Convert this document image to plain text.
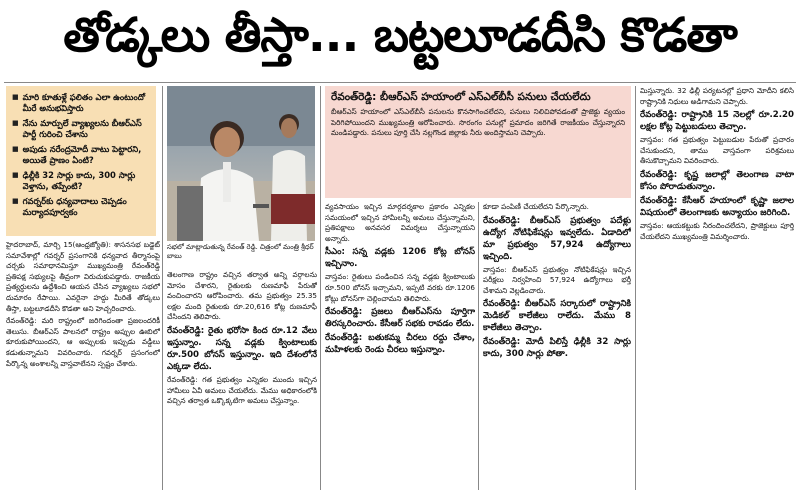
తోడ్కలు తీస్తా... బట్టలూడదీసి కొడతా
■ మారి కూతుళ్లే ఫలితం ఎలా ఉంటుందో మీరే అనుభవిస్తారు
■ నేను మార్పులే వ్యాఖ్యలను బీఆర్ఎస్ పార్టీ గురించి చేశాను
■ అపుడు నరేంద్రమోదీ వాటు పెట్టారని, అయితే ప్రాణం ఏంటి?
■ ఢిల్లీకి 32 సార్లు కాదు, 300 సార్లు వెళ్తాను, తప్పేంటి?
■ గవర్నర్‌కు ధన్యవాదాలు చెప్పడం మర్యాదపూర్వకం

హైదరాబాద్‌, మార్చి 15(ఆంధ్రజ్యోతి): శాసనసభ బడ్జెట్ సమావేశాల్లో గవర్నర్ ప్రసంగానికి ధన్యవాద తీర్మానంపై చర్చకు సమాధానమిస్తూ ముఖ్యమంత్రి రేవంత్‌రెడ్డి ప్రతిపక్ష సభ్యులపై తీవ్రంగా విరుచుకుపడ్డారు. రాజకీయ ప్రత్యర్థులను ఉద్దేశించి ఆయన చేసిన వ్యాఖ్యలు సభలో దుమారం రేపాయి. ఎవరైనా హద్దు మీరితే తోడ్కలు తీస్తా, బట్టలూడదీసి కొడతా అని హెచ్చరించారు.

రేవంత్‌రెడ్డి: మరి రాష్ట్రంలో జరిగిందంతా ప్రజలందరికీ తెలుసు. బీఆర్ఎస్ పాలనలో రాష్ట్రం అప్పుల ఊబిలో కూరుకుపోయిందని, ఆ అప్పులకు ఇప్పుడు వడ్డీలు కడుతున్నామని వివరించారు. గవర్నర్ ప్రసంగంలో పేర్కొన్న అంశాలన్నీ వాస్తవాలేనని స్పష్టం చేశారు.

సభలో మాట్లాడుతున్న రేవంత్ రెడ్డి. చిత్రంలో మంత్రి శ్రీధర్ బాబు

తెలంగాణ రాష్ట్రం వచ్చిన తర్వాత అన్ని వర్గాలను మోసం చేశారని, రైతులకు రుణమాఫీ పేరుతో వంచించారని ఆరోపించారు. తమ ప్రభుత్వం 25.35 లక్షల మంది రైతులకు రూ.20,616 కోట్ల రుణమాఫీ చేసిందని తెలిపారు.

రేవంత్‌రెడ్డి: రైతు భరోసా కింద రూ.12 వేలు ఇస్తున్నాం. సన్న వడ్లకు క్వింటాలుకు రూ.500 బోనస్ ఇస్తున్నాం. ఇది దేశంలోనే ఎక్కడా లేదు.

రేవంత్‌రెడ్డి: గత ప్రభుత్వం ఎన్నికల ముందు ఇచ్చిన హామీలు ఏవీ అమలు చేయలేదు. మేము అధికారంలోకి వచ్చిన తర్వాత ఒక్కొక్కటిగా అమలు చేస్తున్నాం.

రేవంత్‌రెడ్డి: బీఆర్ఎస్ హయాంలో ఎస్ఎల్‌బీసీ పనులు చేయలేదు
బీఆర్ఎస్ హయాంలో ఎస్‌ఎల్‌బీసీ పనులను కొనసాగించలేదని, పనులు నిలిచిపోవడంతో ప్రాజెక్టు వ్యయం పెరిగిపోయిందని ముఖ్యమంత్రి ఆరోపించారు. సొరంగం పనుల్లో ప్రమాదం జరిగితే రాజకీయం చేస్తున్నారని మండిపడ్డారు. పనులు పూర్తి చేసి నల్లగొండ జిల్లాకు నీరు అందిస్తామని చెప్పారు.

వ్యవసాయం ఇచ్చిన మార్గదర్శకాల ప్రకారం ఎన్నికల సమయంలో ఇచ్చిన హామీలన్నీ అమలు చేస్తున్నామని, ప్రతిపక్షాలు అనవసర విమర్శలు చేస్తున్నాయని అన్నారు.

సీఎం: సన్న వడ్లకు 1206 కోట్ల బోనస్ ఇచ్చినాం.

వాస్తవం: రైతులు పండించిన సన్న వడ్లకు క్వింటాలుకు రూ.500 బోనస్ ఇచ్చామని, ఇప్పటి వరకు రూ.1206 కోట్లు బోనస్‌గా చెల్లించామని తెలిపారు.

రేవంత్‌రెడ్డి: ప్రజలు బీఆర్ఎస్‌ను పూర్తిగా తిరస్కరించారు. కేసీఆర్ సభకు రావడం లేదు.

రేవంత్‌రెడ్డి: బతుకమ్మ చీరలు రద్దు చేశాం, మహిళలకు రెండు చీరలు ఇస్తున్నాం.

కూడా పంపిణీ చేయలేదని పేర్కొన్నారు.

రేవంత్‌రెడ్డి: బీఆర్ఎస్ ప్రభుత్వం పదేళ్లు ఉద్యోగ నోటిఫికేషన్లు ఇవ్వలేదు. ఏడాదిలో మా ప్రభుత్వం 57,924 ఉద్యోగాలు ఇచ్చింది.

వాస్తవం: బీఆర్ఎస్ ప్రభుత్వం నోటిఫికేషన్లు ఇచ్చిన పరీక్షలు నిర్వహించి 57,924 ఉద్యోగాలు భర్తీ చేశామని వెల్లడించారు.

రేవంత్‌రెడ్డి: బీఆర్ఎస్ సర్కారులో రాష్ట్రానికి మెడికల్ కాలేజీలు రాలేదు. మేము 8 కాలేజీలు తెచ్చాం.

రేవంత్‌రెడ్డి: మోదీ పిలిస్తే ఢిల్లీకి 32 సార్లు కాదు, 300 సార్లు పోతా.

మిస్తున్నారు. 32 ఢిల్లీ పర్యటనల్లో ప్రధాని మోదీని కలిసి రాష్ట్రానికి నిధులు అడిగామని చెప్పారు.

రేవంత్‌రెడ్డి: రాష్ట్రానికి 15 నెలల్లో రూ.2.20 లక్షల కోట్ల పెట్టుబడులు తెచ్చాం.

వాస్తవం: గత ప్రభుత్వం పెట్టుబడుల పేరుతో ప్రచారం చేసుకుందని, తాము వాస్తవంగా పరిశ్రమలు తీసుకొచ్చామని వివరించారు.

రేవంత్‌రెడ్డి: కృష్ణ జలాల్లో తెలంగాణ వాటా కోసం పోరాడుతున్నాం.

రేవంత్‌రెడ్డి: కేసీఆర్ హయాంలో కృష్ణా జలాల విషయంలో తెలంగాణకు అన్యాయం జరిగింది.

వాస్తవం: ఆయకట్టుకు నీరందించలేదని, ప్రాజెక్టులు పూర్తి చేయలేదని ముఖ్యమంత్రి విమర్శించారు.
